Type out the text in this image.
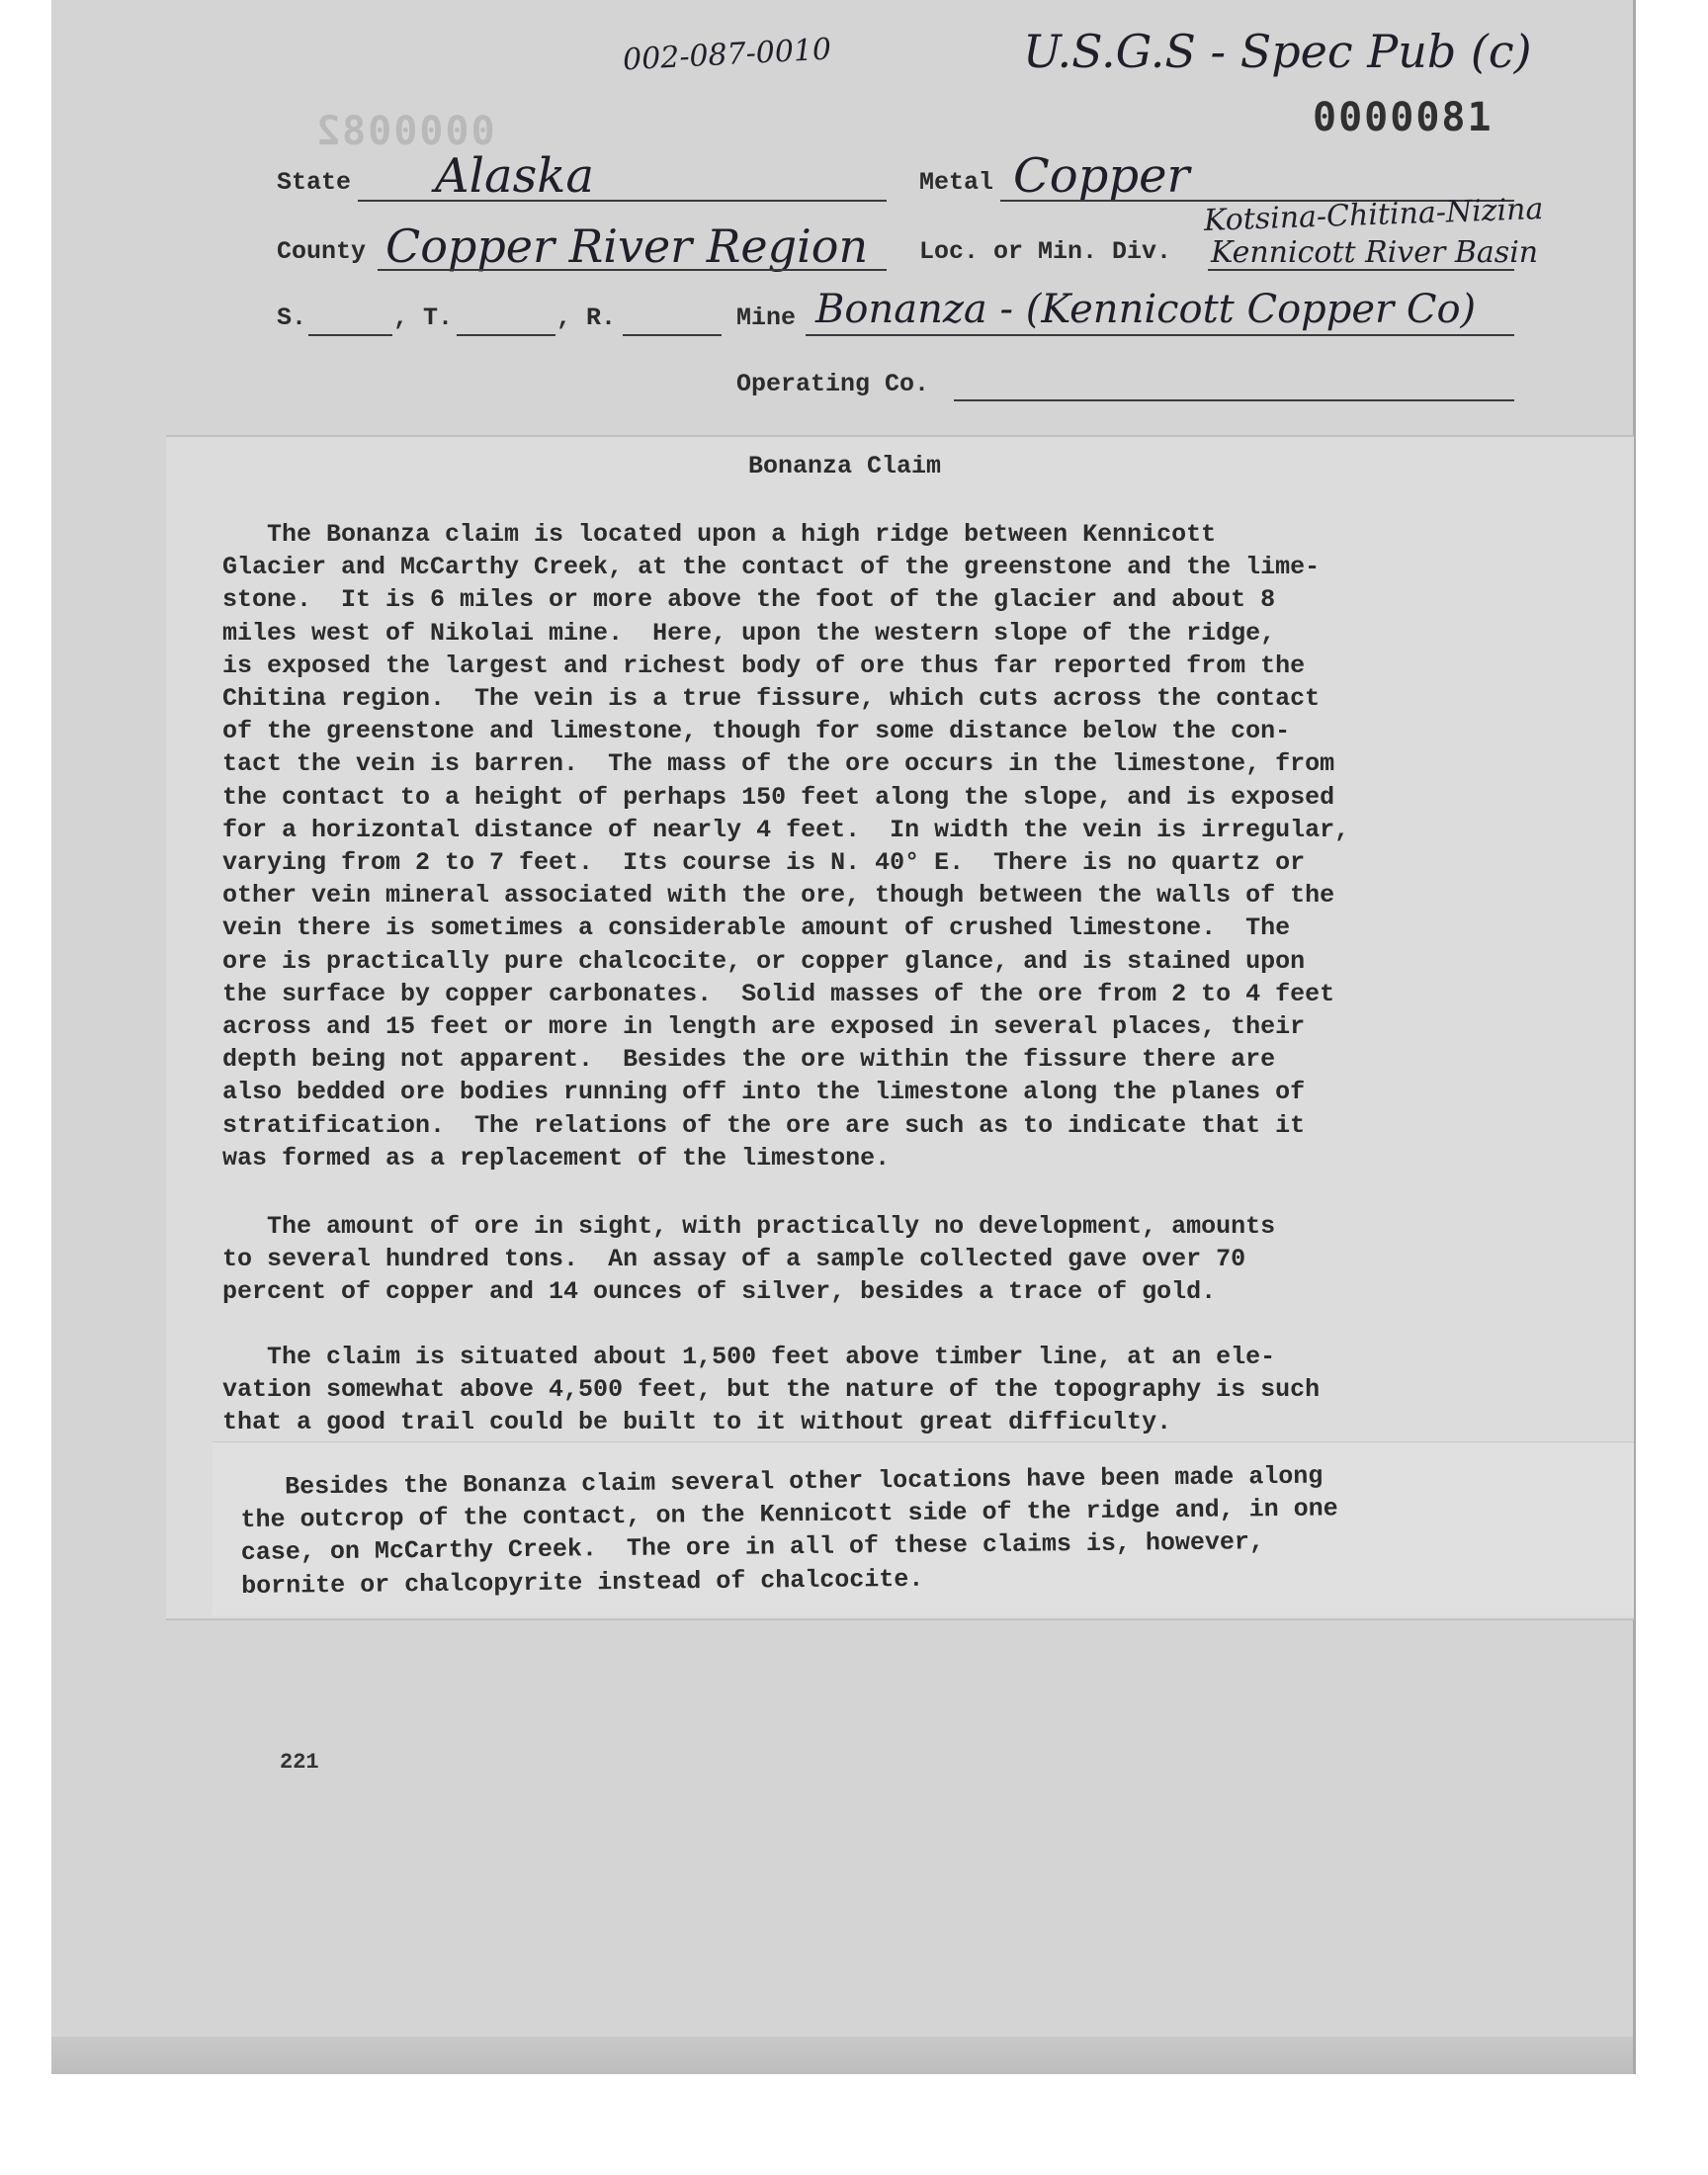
002-087-0010	U.S.G.S - Spec Pub (c)
0000082	0000081
State Alaska	Metal Copper
County Copper River Region Loc. or Min. Div.
Kotsina-Chitina-Nizina
Kennicott River Basin
S.	, T.	, R.	Mine Bonanza - (Kennicott Copper Co)
Operating Co.
Bonanza Claim
The Bonanza claim is located upon a high ridge between Kennicott
Glacier and McCarthy Creek, at the contact of the greenstone and the lime-
stone.  It is 6 miles or more above the foot of the glacier and about 8
miles west of Nikolai mine.  Here, upon the western slope of the ridge,
is exposed the largest and richest body of ore thus far reported from the
Chitina region.  The vein is a true fissure, which cuts across the contact
of the greenstone and limestone, though for some distance below the con-
tact the vein is barren.  The mass of the ore occurs in the limestone, from
the contact to a height of perhaps 150 feet along the slope, and is exposed
for a horizontal distance of nearly 4 feet.  In width the vein is irregular,
varying from 2 to 7 feet.  Its course is N. 40° E.  There is no quartz or
other vein mineral associated with the ore, though between the walls of the
vein there is sometimes a considerable amount of crushed limestone.  The
ore is practically pure chalcocite, or copper glance, and is stained upon
the surface by copper carbonates.  Solid masses of the ore from 2 to 4 feet
across and 15 feet or more in length are exposed in several places, their
depth being not apparent.  Besides the ore within the fissure there are
also bedded ore bodies running off into the limestone along the planes of
stratification.  The relations of the ore are such as to indicate that it
was formed as a replacement of the limestone.
The amount of ore in sight, with practically no development, amounts
to several hundred tons.  An assay of a sample collected gave over 70
percent of copper and 14 ounces of silver, besides a trace of gold.
The claim is situated about 1,500 feet above timber line, at an ele-
vation somewhat above 4,500 feet, but the nature of the topography is such
that a good trail could be built to it without great difficulty.
Besides the Bonanza claim several other locations have been made along
the outcrop of the contact, on the Kennicott side of the ridge and, in one
case, on McCarthy Creek.  The ore in all of these claims is, however,
bornite or chalcopyrite instead of chalcocite.
221
